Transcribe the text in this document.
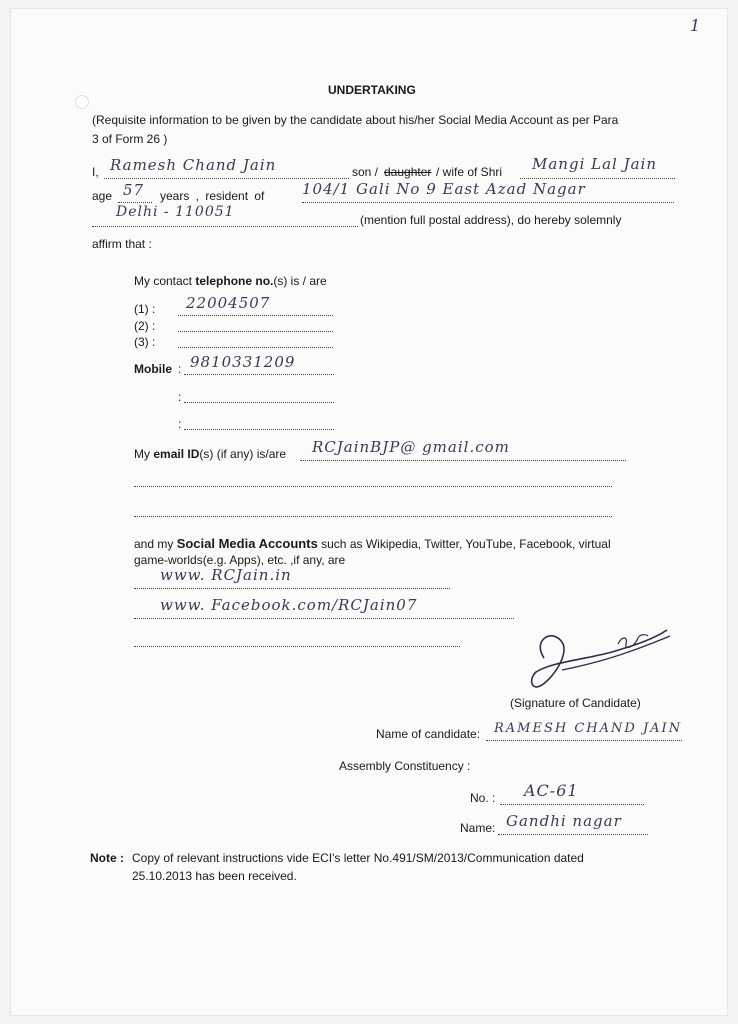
1
UNDERTAKING
(Requisite information to be given by the candidate about his/her Social Media Account as per Para
3 of Form 26 )
I, Ramesh Chand Jain	son / daughter / wife of Shri Mangi Lal Jain
age 57 years , resident of	104/1 Gali No 9 East Azad Nagar
Delhi - 110051	(mention full postal address), do hereby solemnly
affirm that :
My contact telephone no.(s) is / are
(1) : 22004507
(2) :
(3) :
Mobile : 9810331209
:
:
My email ID(s) (if any) is/are RCJainBJP@ gmail.com
and my Social Media Accounts such as Wikipedia, Twitter, YouTube, Facebook, virtual
game-worlds(e.g. Apps), etc. ,if any, are
www. RCJain.in
www. Facebook.com/RCJain07
(Signature of Candidate)
Name of candidate: RAMESH CHAND JAIN
Assembly Constituency :
No. : AC-61
Name: Gandhi nagar
Note : Copy of relevant instructions vide ECI's letter No.491/SM/2013/Communication dated
25.10.2013 has been received.
